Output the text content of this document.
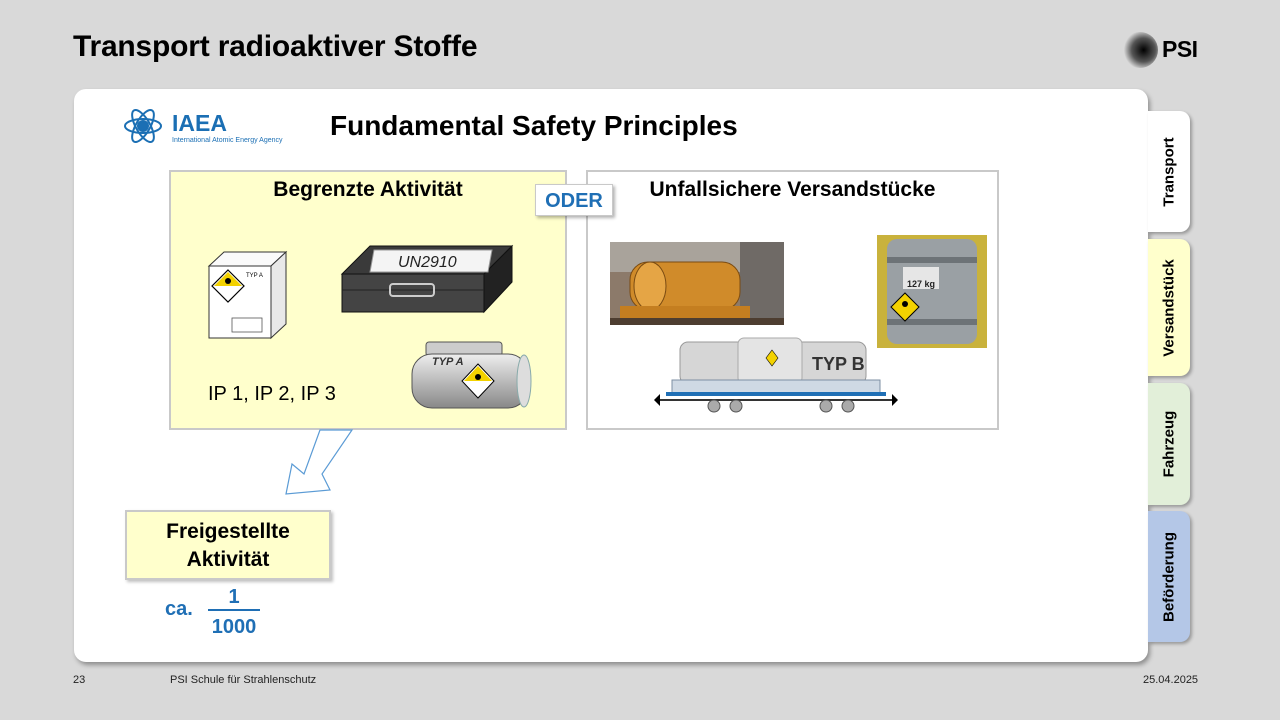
Transport radioaktiver Stoffe	PSI
IAEA
International Atomic Energy Agency Fundamental Safety Principles
Begrenzte Aktivität
TYP A
UN2910
TYP A
IP 1, IP 2, IP 3
Unfallsichere Versandstücke
127 kg
TYP B
ODER
Freigestellte
Aktivität
ca.
1
1000
Transport
Versandstück
Fahrzeug
Beförderung
23	PSI Schule für Strahlenschutz	25.04.2025
